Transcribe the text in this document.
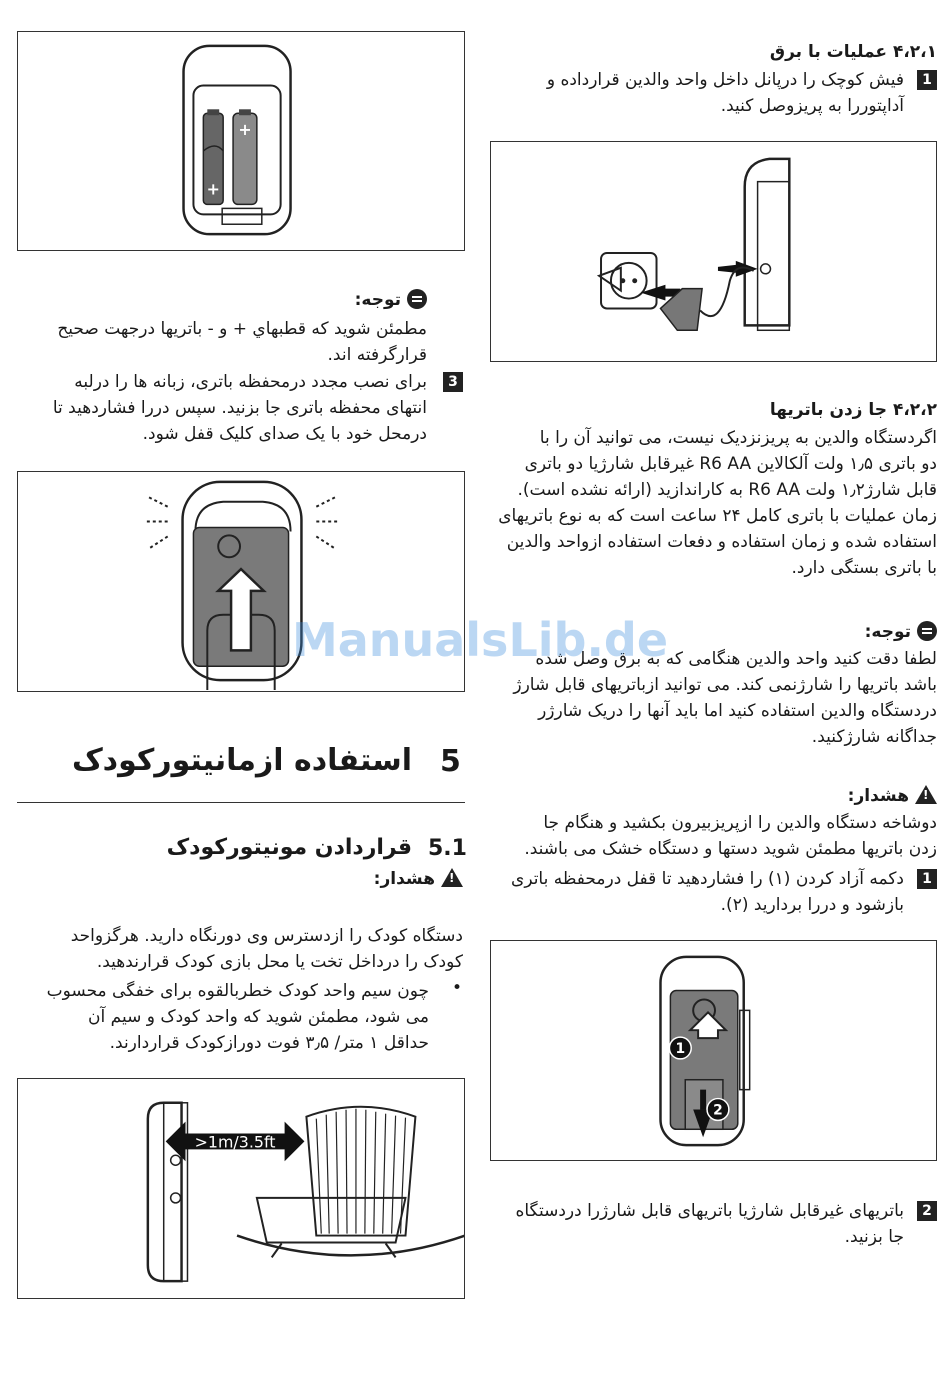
+
+
توجه:
مطمئن شوید که قطبهاي + و - باتريها درجهت صحيح
قرارگرفته اند.
3
برای نصب مجدد درمحفظه باتری، زبانه ها را درلبه
انتهای محفظه باتری جا بزنید. سپس دررا فشاردهید تا
درمحل خود با یک صدای کلیک قفل شود.
5
استفاده ازمانیتورکودک
5.1
قراردادن مونیتورکودک
!
هشدار:
دستگاه کودک را ازدسترس وی دورنگاه دارید. هرگزواحد
کودک را درداخل تخت یا محل بازی کودک قرارندهید.
•
چون سیم واحد کودک خطربالقوه برای خفگی محسوب
می شود، مطمئن شوید که واحد کودک و سیم آن
حداقل ۱ متر/ ۳٫۵ فوت دورازکودک قراردارند.
>1m/3.5ft
۴،۲،۱ عملیات با برق
1
فیش کوچک را درپانل داخل واحد والدین قرارداده و
آداپتوررا به پریزوصل کنید.
۴،۲،۲ جا زدن باتریها
اگردستگاه والدین به پریزنزدیک نیست، می توانید آن را با
دو باتری ۱٫۵ ولت آلکالاین R6 AA غیرقابل شارژیا دو باتری
قابل شارژ۱٫۲ ولت R6 AA به کاراندازید (ارائه نشده است).
زمان عملیات با باتری کامل ۲۴ ساعت است که به نوع باتریهای
استفاده شده و زمان استفاده و دفعات استفاده ازواحد والدین
با باتری بستگی دارد.
توجه:
لطفا دقت کنید واحد والدین هنگامی که به برق وصل شده
باشد باتریها را شارژنمی کند. می توانید ازباتریهای قابل شارژ
دردستگاه والدین استفاده کنید اما باید آنها را دریک شارژر
جداگانه شارژکنید.
!
هشدار:
دوشاخه دستگاه والدین را ازپریزبیرون بکشید و هنگام جا
زدن باتریها مطمئن شوید دستها و دستگاه خشک می باشند.
1
دکمه آزاد کردن (۱) را فشاردهید تا قفل درمحفظه باتری
بازشود و دررا بردارید (۲).
1
2
2
باتریهای غیرقابل شارژیا باتریهای قابل شارژرا دردستگاه
جا بزنید.
ManualsLib.de
